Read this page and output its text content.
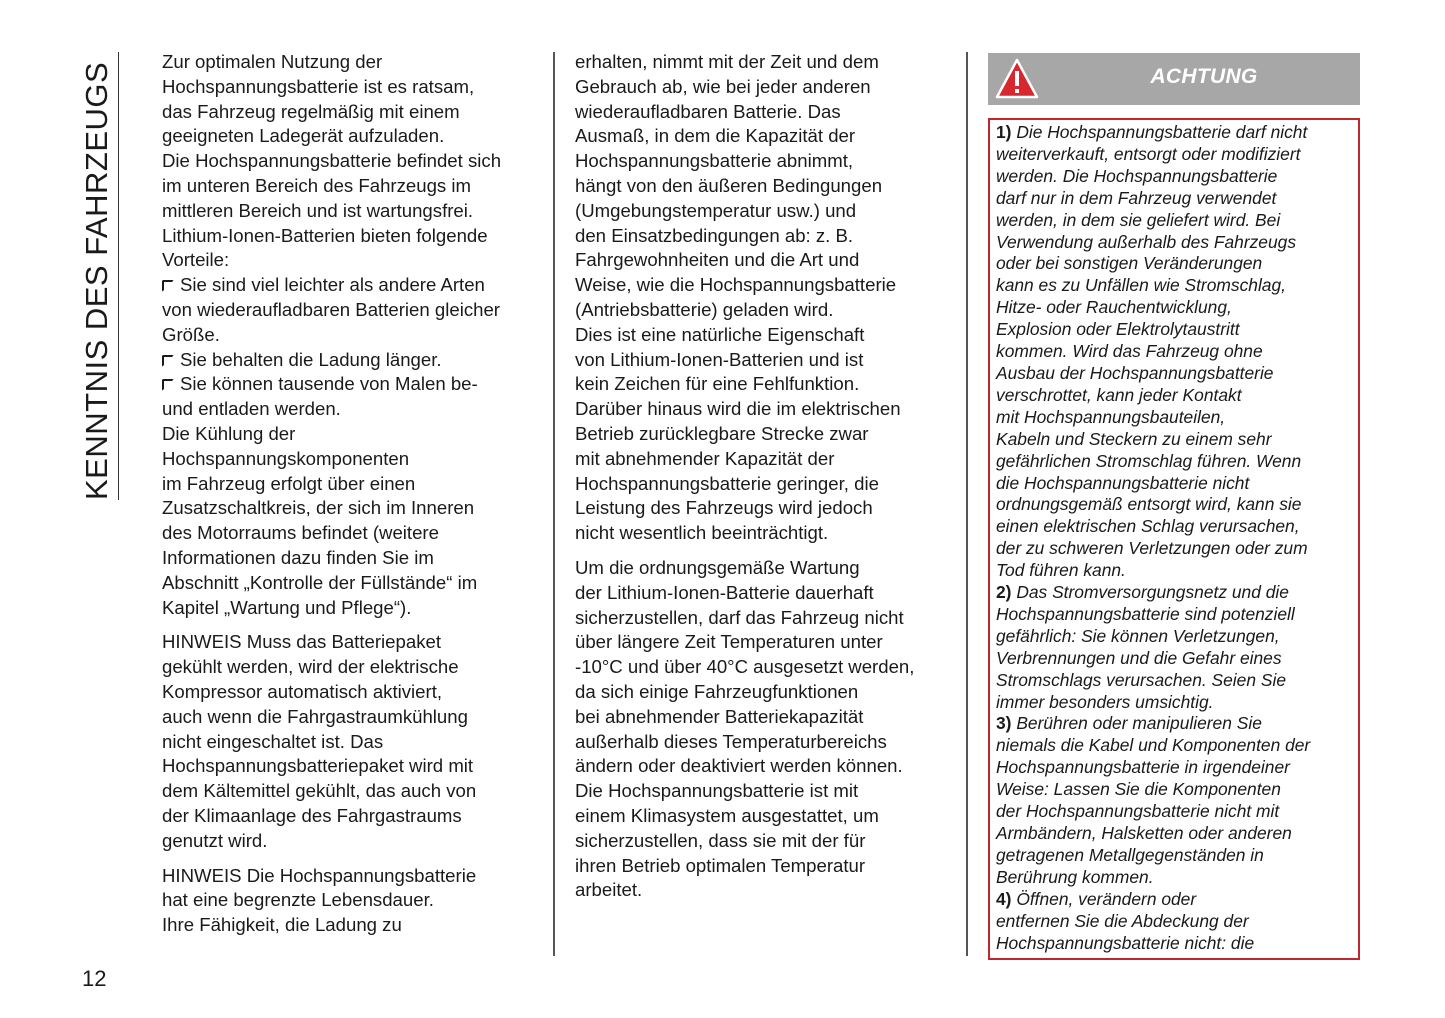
KENNTNIS DES FAHRZEUGS

Zur optimalen Nutzung der

Hochspannungsbatterie ist es ratsam,

das Fahrzeug regelmäßig mit einem

geeigneten Ladegerät aufzuladen.

Die Hochspannungsbatterie befindet sich

im unteren Bereich des Fahrzeugs im

mittleren Bereich und ist wartungsfrei.

Lithium-Ionen-Batterien bieten folgende

Vorteile:

Sie sind viel leichter als andere Arten

von wiederaufladbaren Batterien gleicher

Größe.

Sie behalten die Ladung länger.

Sie können tausende von Malen be-

und entladen werden.

Die Kühlung der

Hochspannungskomponenten

im Fahrzeug erfolgt über einen

Zusatzschaltkreis, der sich im Inneren

des Motorraums befindet (weitere

Informationen dazu finden Sie im

Abschnitt „Kontrolle der Füllstände“ im

Kapitel „Wartung und Pflege“).

HINWEIS Muss das Batteriepaket

gekühlt werden, wird der elektrische

Kompressor automatisch aktiviert,

auch wenn die Fahrgastraumkühlung

nicht eingeschaltet ist. Das

Hochspannungsbatteriepaket wird mit

dem Kältemittel gekühlt, das auch von

der Klimaanlage des Fahrgastraums

genutzt wird.

HINWEIS Die Hochspannungsbatterie

hat eine begrenzte Lebensdauer.

Ihre Fähigkeit, die Ladung zu

erhalten, nimmt mit der Zeit und dem

Gebrauch ab, wie bei jeder anderen

wiederaufladbaren Batterie. Das

Ausmaß, in dem die Kapazität der

Hochspannungsbatterie abnimmt,

hängt von den äußeren Bedingungen

(Umgebungstemperatur usw.) und

den Einsatzbedingungen ab: z. B.

Fahrgewohnheiten und die Art und

Weise, wie die Hochspannungsbatterie

(Antriebsbatterie) geladen wird.

Dies ist eine natürliche Eigenschaft

von Lithium-Ionen-Batterien und ist

kein Zeichen für eine Fehlfunktion.

Darüber hinaus wird die im elektrischen

Betrieb zurücklegbare Strecke zwar

mit abnehmender Kapazität der

Hochspannungsbatterie geringer, die

Leistung des Fahrzeugs wird jedoch

nicht wesentlich beeinträchtigt.

Um die ordnungsgemäße Wartung

der Lithium-Ionen-Batterie dauerhaft

sicherzustellen, darf das Fahrzeug nicht

über längere Zeit Temperaturen unter

-10°C und über 40°C ausgesetzt werden,

da sich einige Fahrzeugfunktionen

bei abnehmender Batteriekapazität

außerhalb dieses Temperaturbereichs

ändern oder deaktiviert werden können.

Die Hochspannungsbatterie ist mit

einem Klimasystem ausgestattet, um

sicherzustellen, dass sie mit der für

ihren Betrieb optimalen Temperatur

arbeitet.

ACHTUNG

1) Die Hochspannungsbatterie darf nicht

weiterverkauft, entsorgt oder modifiziert

werden. Die Hochspannungsbatterie

darf nur in dem Fahrzeug verwendet

werden, in dem sie geliefert wird. Bei

Verwendung außerhalb des Fahrzeugs

oder bei sonstigen Veränderungen

kann es zu Unfällen wie Stromschlag,

Hitze- oder Rauchentwicklung,

Explosion oder Elektrolytaustritt

kommen. Wird das Fahrzeug ohne

Ausbau der Hochspannungsbatterie

verschrottet, kann jeder Kontakt

mit Hochspannungsbauteilen,

Kabeln und Steckern zu einem sehr

gefährlichen Stromschlag führen. Wenn

die Hochspannungsbatterie nicht

ordnungsgemäß entsorgt wird, kann sie

einen elektrischen Schlag verursachen,

der zu schweren Verletzungen oder zum

Tod führen kann.

2) Das Stromversorgungsnetz und die

Hochspannungsbatterie sind potenziell

gefährlich: Sie können Verletzungen,

Verbrennungen und die Gefahr eines

Stromschlags verursachen. Seien Sie

immer besonders umsichtig.

3) Berühren oder manipulieren Sie

niemals die Kabel und Komponenten der

Hochspannungsbatterie in irgendeiner

Weise: Lassen Sie die Komponenten

der Hochspannungsbatterie nicht mit

Armbändern, Halsketten oder anderen

getragenen Metallgegenständen in

Berührung kommen.

4) Öffnen, verändern oder

entfernen Sie die Abdeckung der

Hochspannungsbatterie nicht: die

12
